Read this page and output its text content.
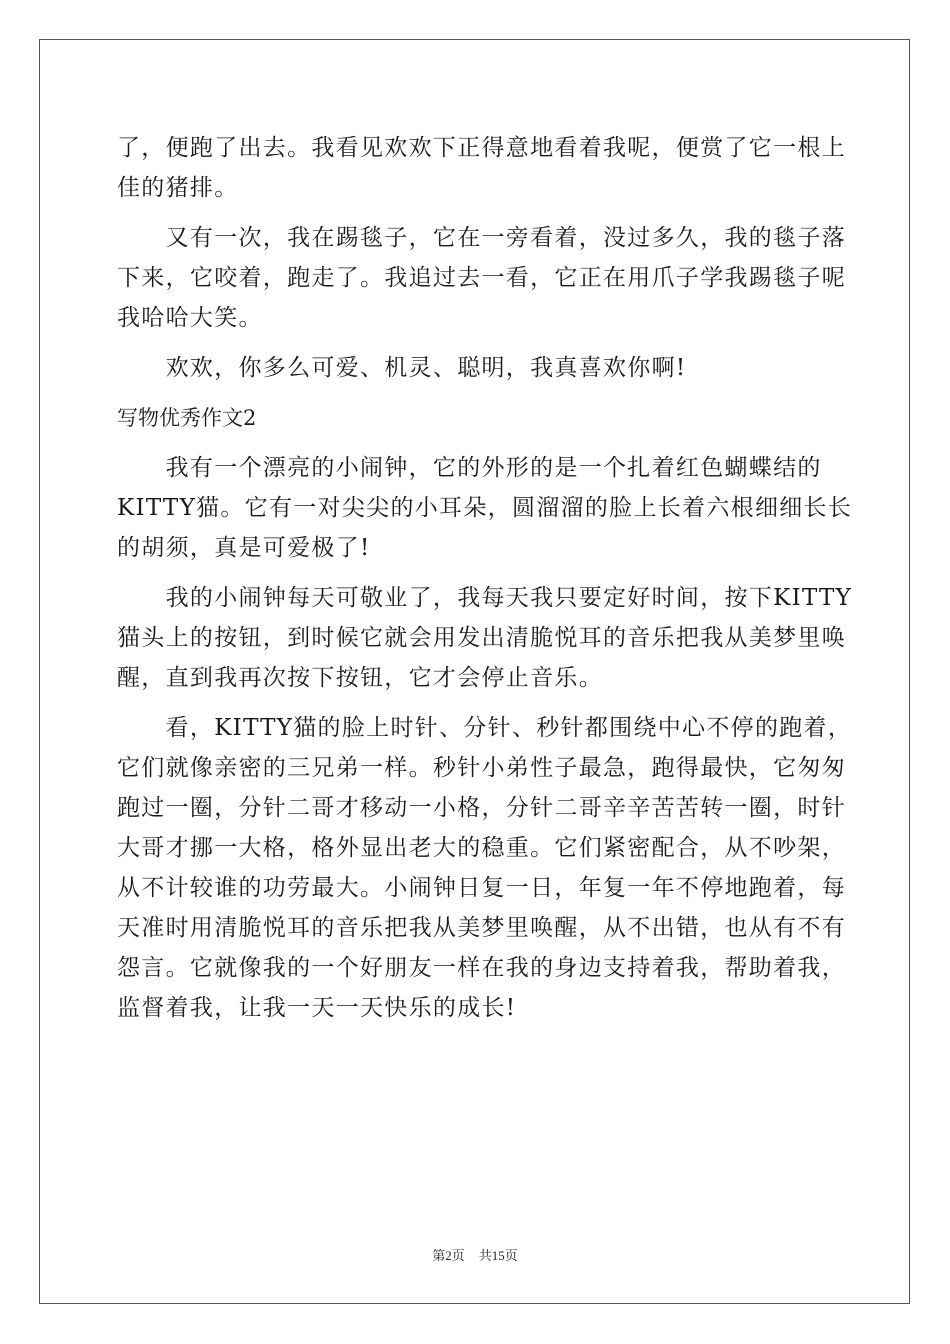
了，便跑了出去。我看见欢欢下正得意地看着我呢，便赏了它一根上
佳的猪排。
　　又有一次，我在踢毯子，它在一旁看着，没过多久，我的毯子落
下来，它咬着，跑走了。我追过去一看，它正在用爪子学我踢毯子呢
我哈哈大笑。
　　欢欢，你多么可爱、机灵、聪明，我真喜欢你啊!
写物优秀作文2
　　我有一个漂亮的小闹钟，它的外形的是一个扎着红色蝴蝶结的
KITTY猫。它有一对尖尖的小耳朵，圆溜溜的脸上长着六根细细长长
的胡须，真是可爱极了!
　　我的小闹钟每天可敬业了，我每天我只要定好时间，按下KITTY
猫头上的按钮，到时候它就会用发出清脆悦耳的音乐把我从美梦里唤
醒，直到我再次按下按钮，它才会停止音乐。
　　看，KITTY猫的脸上时针、分针、秒针都围绕中心不停的跑着，
它们就像亲密的三兄弟一样。秒针小弟性子最急，跑得最快，它匆匆
跑过一圈，分针二哥才移动一小格，分针二哥辛辛苦苦转一圈，时针
大哥才挪一大格，格外显出老大的稳重。它们紧密配合，从不吵架，
从不计较谁的功劳最大。小闹钟日复一日，年复一年不停地跑着，每
天准时用清脆悦耳的音乐把我从美梦里唤醒，从不出错，也从有不有
怨言。它就像我的一个好朋友一样在我的身边支持着我，帮助着我，
监督着我，让我一天一天快乐的成长!
第2页 共15页
